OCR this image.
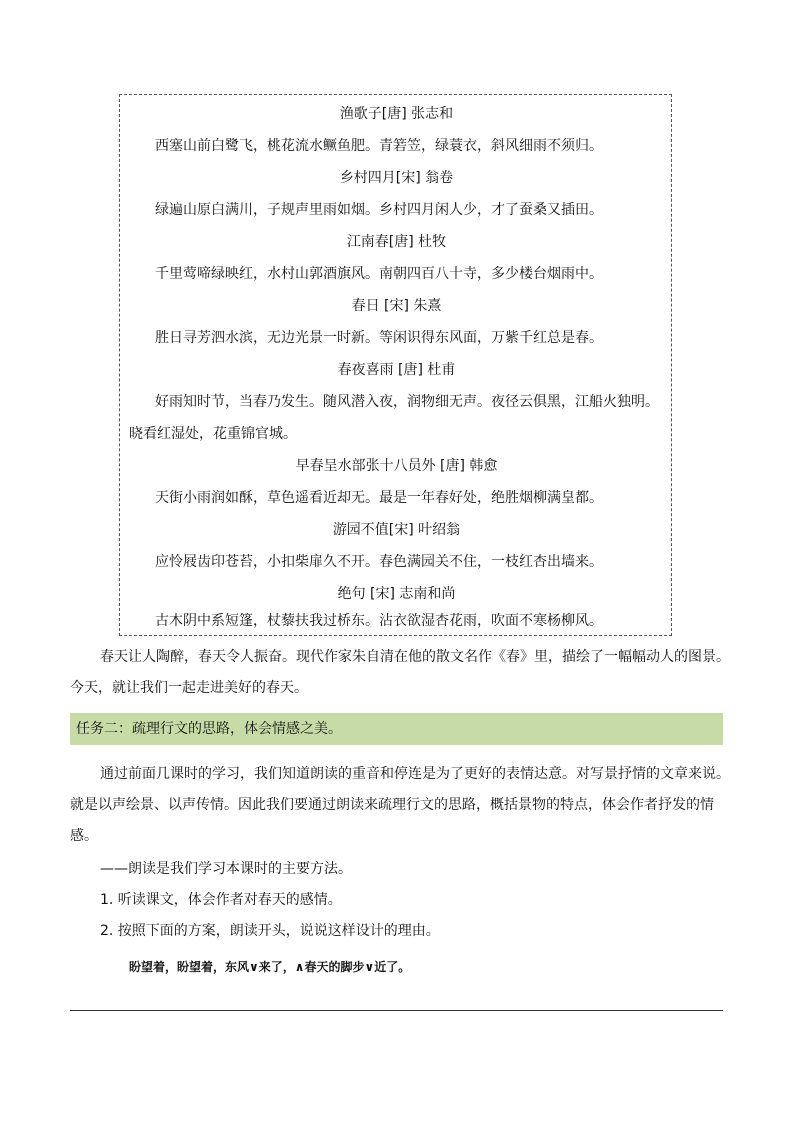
渔歌子[唐] 张志和
西塞山前白鹭飞，桃花流水鳜鱼肥。青箬笠，绿蓑衣，斜风细雨不须归。
乡村四月[宋] 翁卷
绿遍山原白满川，子规声里雨如烟。乡村四月闲人少，才了蚕桑又插田。
江南春[唐] 杜牧
千里莺啼绿映红，水村山郭酒旗风。南朝四百八十寺，多少楼台烟雨中。
春日 [宋] 朱熹
胜日寻芳泗水滨，无边光景一时新。等闲识得东风面，万紫千红总是春。
春夜喜雨 [唐] 杜甫
好雨知时节，当春乃发生。随风潜入夜，润物细无声。夜径云俱黑，江船火独明。
晓看红湿处，花重锦官城。
早春呈水部张十八员外 [唐] 韩愈
天街小雨润如酥，草色遥看近却无。最是一年春好处，绝胜烟柳满皇都。
游园不值[宋] 叶绍翁
应怜屐齿印苍苔，小扣柴扉久不开。春色满园关不住，一枝红杏出墙来。
绝句 [宋] 志南和尚
古木阴中系短篷，杖藜扶我过桥东。沾衣欲湿杏花雨，吹面不寒杨柳风。
春天让人陶醉，春天令人振奋。现代作家朱自清在他的散文名作《春》里，描绘了一幅幅动人的图景。
今天，就让我们一起走进美好的春天。
任务二：疏理行文的思路，体会情感之美。
通过前面几课时的学习，我们知道朗读的重音和停连是为了更好的表情达意。对写景抒情的文章来说。
就是以声绘景、以声传情。因此我们要通过朗读来疏理行文的思路，概括景物的特点，体会作者抒发的情
感。
——朗读是我们学习本课时的主要方法。
1. 听读课文，体会作者对春天的感情。
2. 按照下面的方案，朗读开头，说说这样设计的理由。
盼望着，盼望着，东风∨来了，∧春天的脚步∨近了。
